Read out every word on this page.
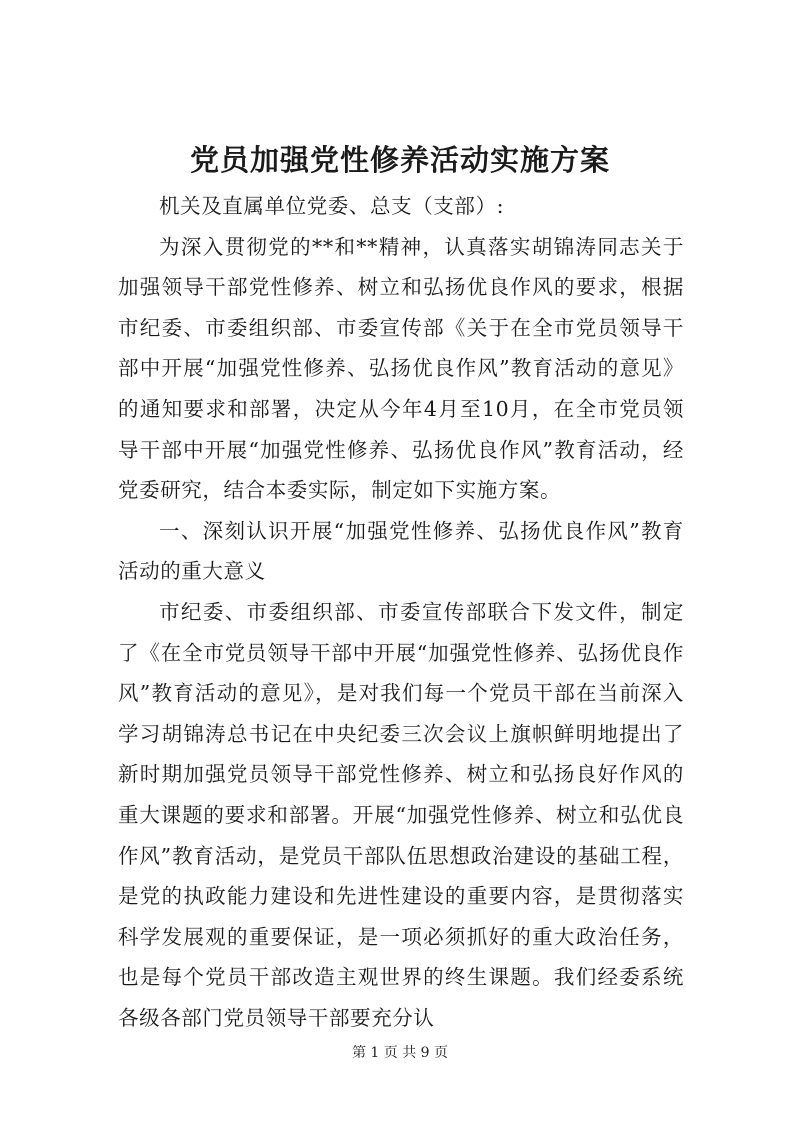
党员加强党性修养活动实施方案

机关及直属单位党委、总支（支部）:

为深入贯彻党的**和**精神，认真落实胡锦涛同志关于加强领导干部党性修养、树立和弘扬优良作风的要求，根据市纪委、市委组织部、市委宣传部《关于在全市党员领导干部中开展“加强党性修养、弘扬优良作风”教育活动的意见》的通知要求和部署，决定从今年4月至10月，在全市党员领导干部中开展“加强党性修养、弘扬优良作风”教育活动，经党委研究，结合本委实际，制定如下实施方案。

一、深刻认识开展“加强党性修养、弘扬优良作风”教育活动的重大意义

市纪委、市委组织部、市委宣传部联合下发文件，制定了《在全市党员领导干部中开展“加强党性修养、弘扬优良作风”教育活动的意见》，是对我们每一个党员干部在当前深入学习胡锦涛总书记在中央纪委三次会议上旗帜鲜明地提出了新时期加强党员领导干部党性修养、树立和弘扬良好作风的重大课题的要求和部署。开展“加强党性修养、树立和弘优良作风”教育活动，是党员干部队伍思想政治建设的基础工程，是党的执政能力建设和先进性建设的重要内容，是贯彻落实科学发展观的重要保证，是一项必须抓好的重大政治任务，也是每个党员干部改造主观世界的终生课题。我们经委系统各级各部门党员领导干部要充分认

第 1 页 共 9 页
